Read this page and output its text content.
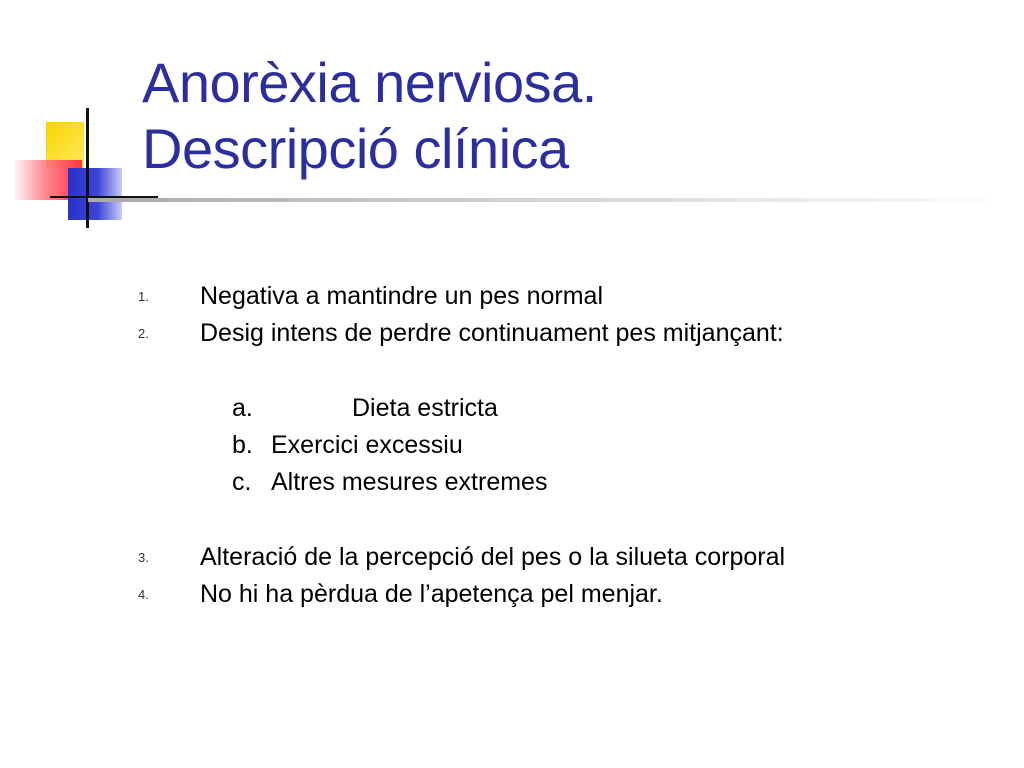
Anorèxia nerviosa.
Descripció clínica
1. Negativa a mantindre un pes normal
2. Desig intens de perdre continuament pes mitjançant:
a.	Dieta estricta
b. Exercici excessiu
c. Altres mesures extremes
3. Alteració de la percepció del pes o la silueta corporal
4. No hi ha pèrdua de l’apetença pel menjar.
